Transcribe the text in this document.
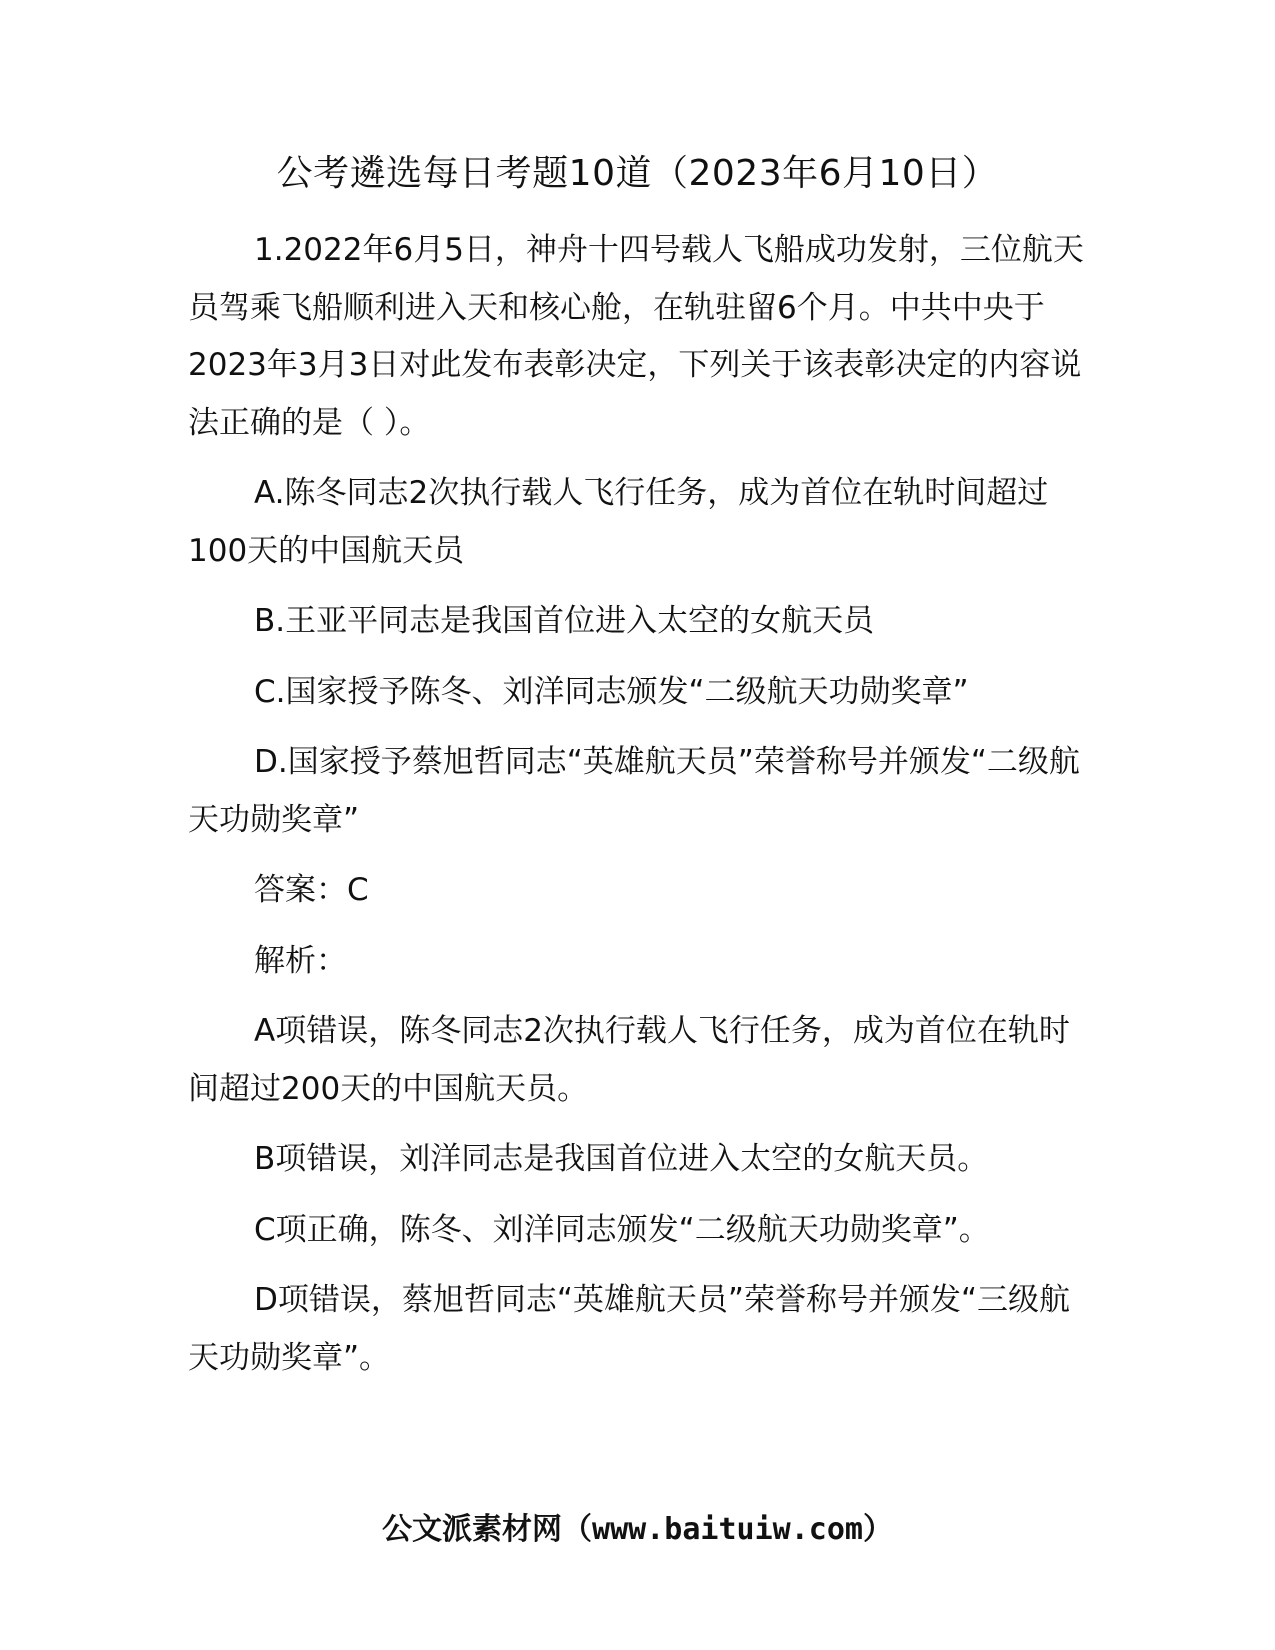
公考遴选每日考题10道（2023年6月10日）

1.2022年6月5日，神舟十四号载人飞船成功发射，三位航天员驾乘飞船顺利进入天和核心舱，在轨驻留6个月。中共中央于2023年3月3日对此发布表彰决定，下列关于该表彰决定的内容说法正确的是（ ）。

A.陈冬同志2次执行载人飞行任务，成为首位在轨时间超过100天的中国航天员

B.王亚平同志是我国首位进入太空的女航天员

C.国家授予陈冬、刘洋同志颁发“二级航天功勋奖章”

D.国家授予蔡旭哲同志“英雄航天员”荣誉称号并颁发“二级航天功勋奖章”

答案：C

解析：

A项错误，陈冬同志2次执行载人飞行任务，成为首位在轨时间超过200天的中国航天员。

B项错误，刘洋同志是我国首位进入太空的女航天员。

C项正确，陈冬、刘洋同志颁发“二级航天功勋奖章”。

D项错误，蔡旭哲同志“英雄航天员”荣誉称号并颁发“三级航天功勋奖章”。

公文派素材网（www.baituiw.com）
